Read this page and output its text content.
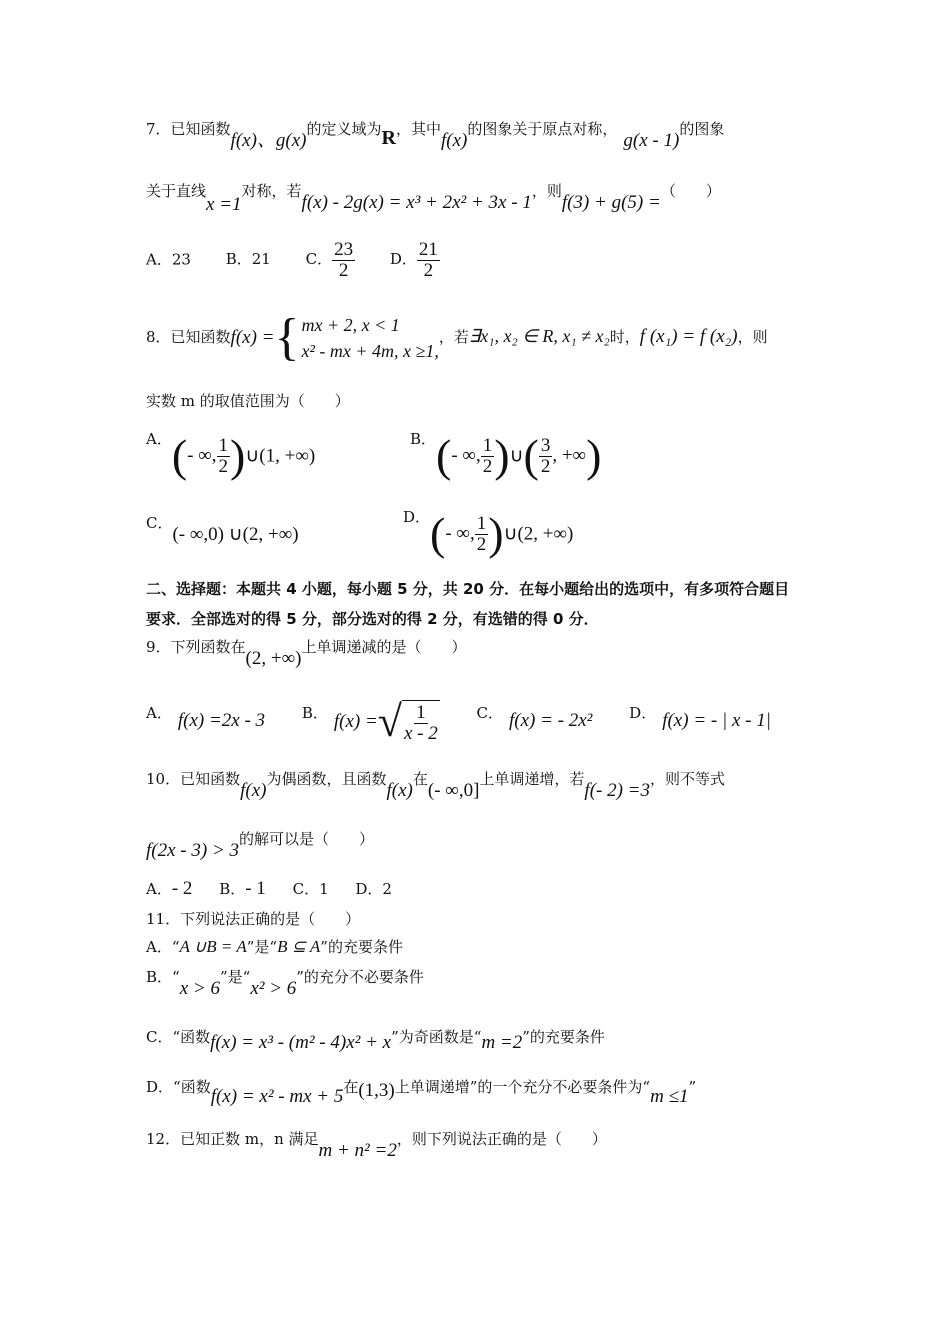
7．已知函数f(x)、g(x)的定义域为R，其中f(x)的图象关于原点对称，g(x - 1)的图象
关于直线x =1对称，若f(x) - 2g(x) = x³ + 2x² + 3x - 1，则f(3) + g(5) =（　　）
A．23 B．21 C． $\frac{23}{2}$ D． $\frac{21}{2}$
8．已知函数 f(x) = { mx + 2, x < 1
x² - mx + 4m, x ≥1,
，若∃x₁, x₂ ∈ R, x₁ ≠ x₂时，f (x₁) = f (x₂)，则
实数 m 的取值范围为（　　）
A．(- ∞, $\frac{1}{2}$ )∪(1, +∞)
B．(- ∞, $\frac{1}{2}$ )∪( $\frac{3}{2}$ , +∞)
C．(- ∞,0) ∪(2, +∞)
D．(- ∞, $\frac{1}{2}$ )∪(2, +∞)
二、选择题：本题共 4 小题，每小题 5 分，共 20 分．在每小题给出的选项中，有多项符合题目
要求．全部选对的得 5 分，部分选对的得 2 分，有选错的得 0 分．
9．下列函数在(2, +∞)上单调递减的是（　　）
A． f(x) =2x - 3 B． f(x) = √ $\frac{1}{x - 2}$ C． f(x) = - 2x² D． f(x) = - | x - 1|
10．已知函数f(x)为偶函数，且函数f(x)在(- ∞,0]上单调递增，若f(- 2) =3，则不等式
f(2x - 3) > 3的解可以是（　　）
A．- 2 B．- 1 C．1 D．2
11．下列说法正确的是（　　）
A．“A ∪B = A”是“B ⊆ A”的充要条件
B．“x > 6”是“x² > 6”的充分不必要条件
C．“函数f(x) = x³ - (m² - 4)x² + x”为奇函数是“m =2”的充要条件
D．“函数f(x) = x² - mx + 5在(1,3)上单调递增”的一个充分不必要条件为“m ≤1”
12．已知正数 m，n 满足m + n² =2，则下列说法正确的是（　　）
